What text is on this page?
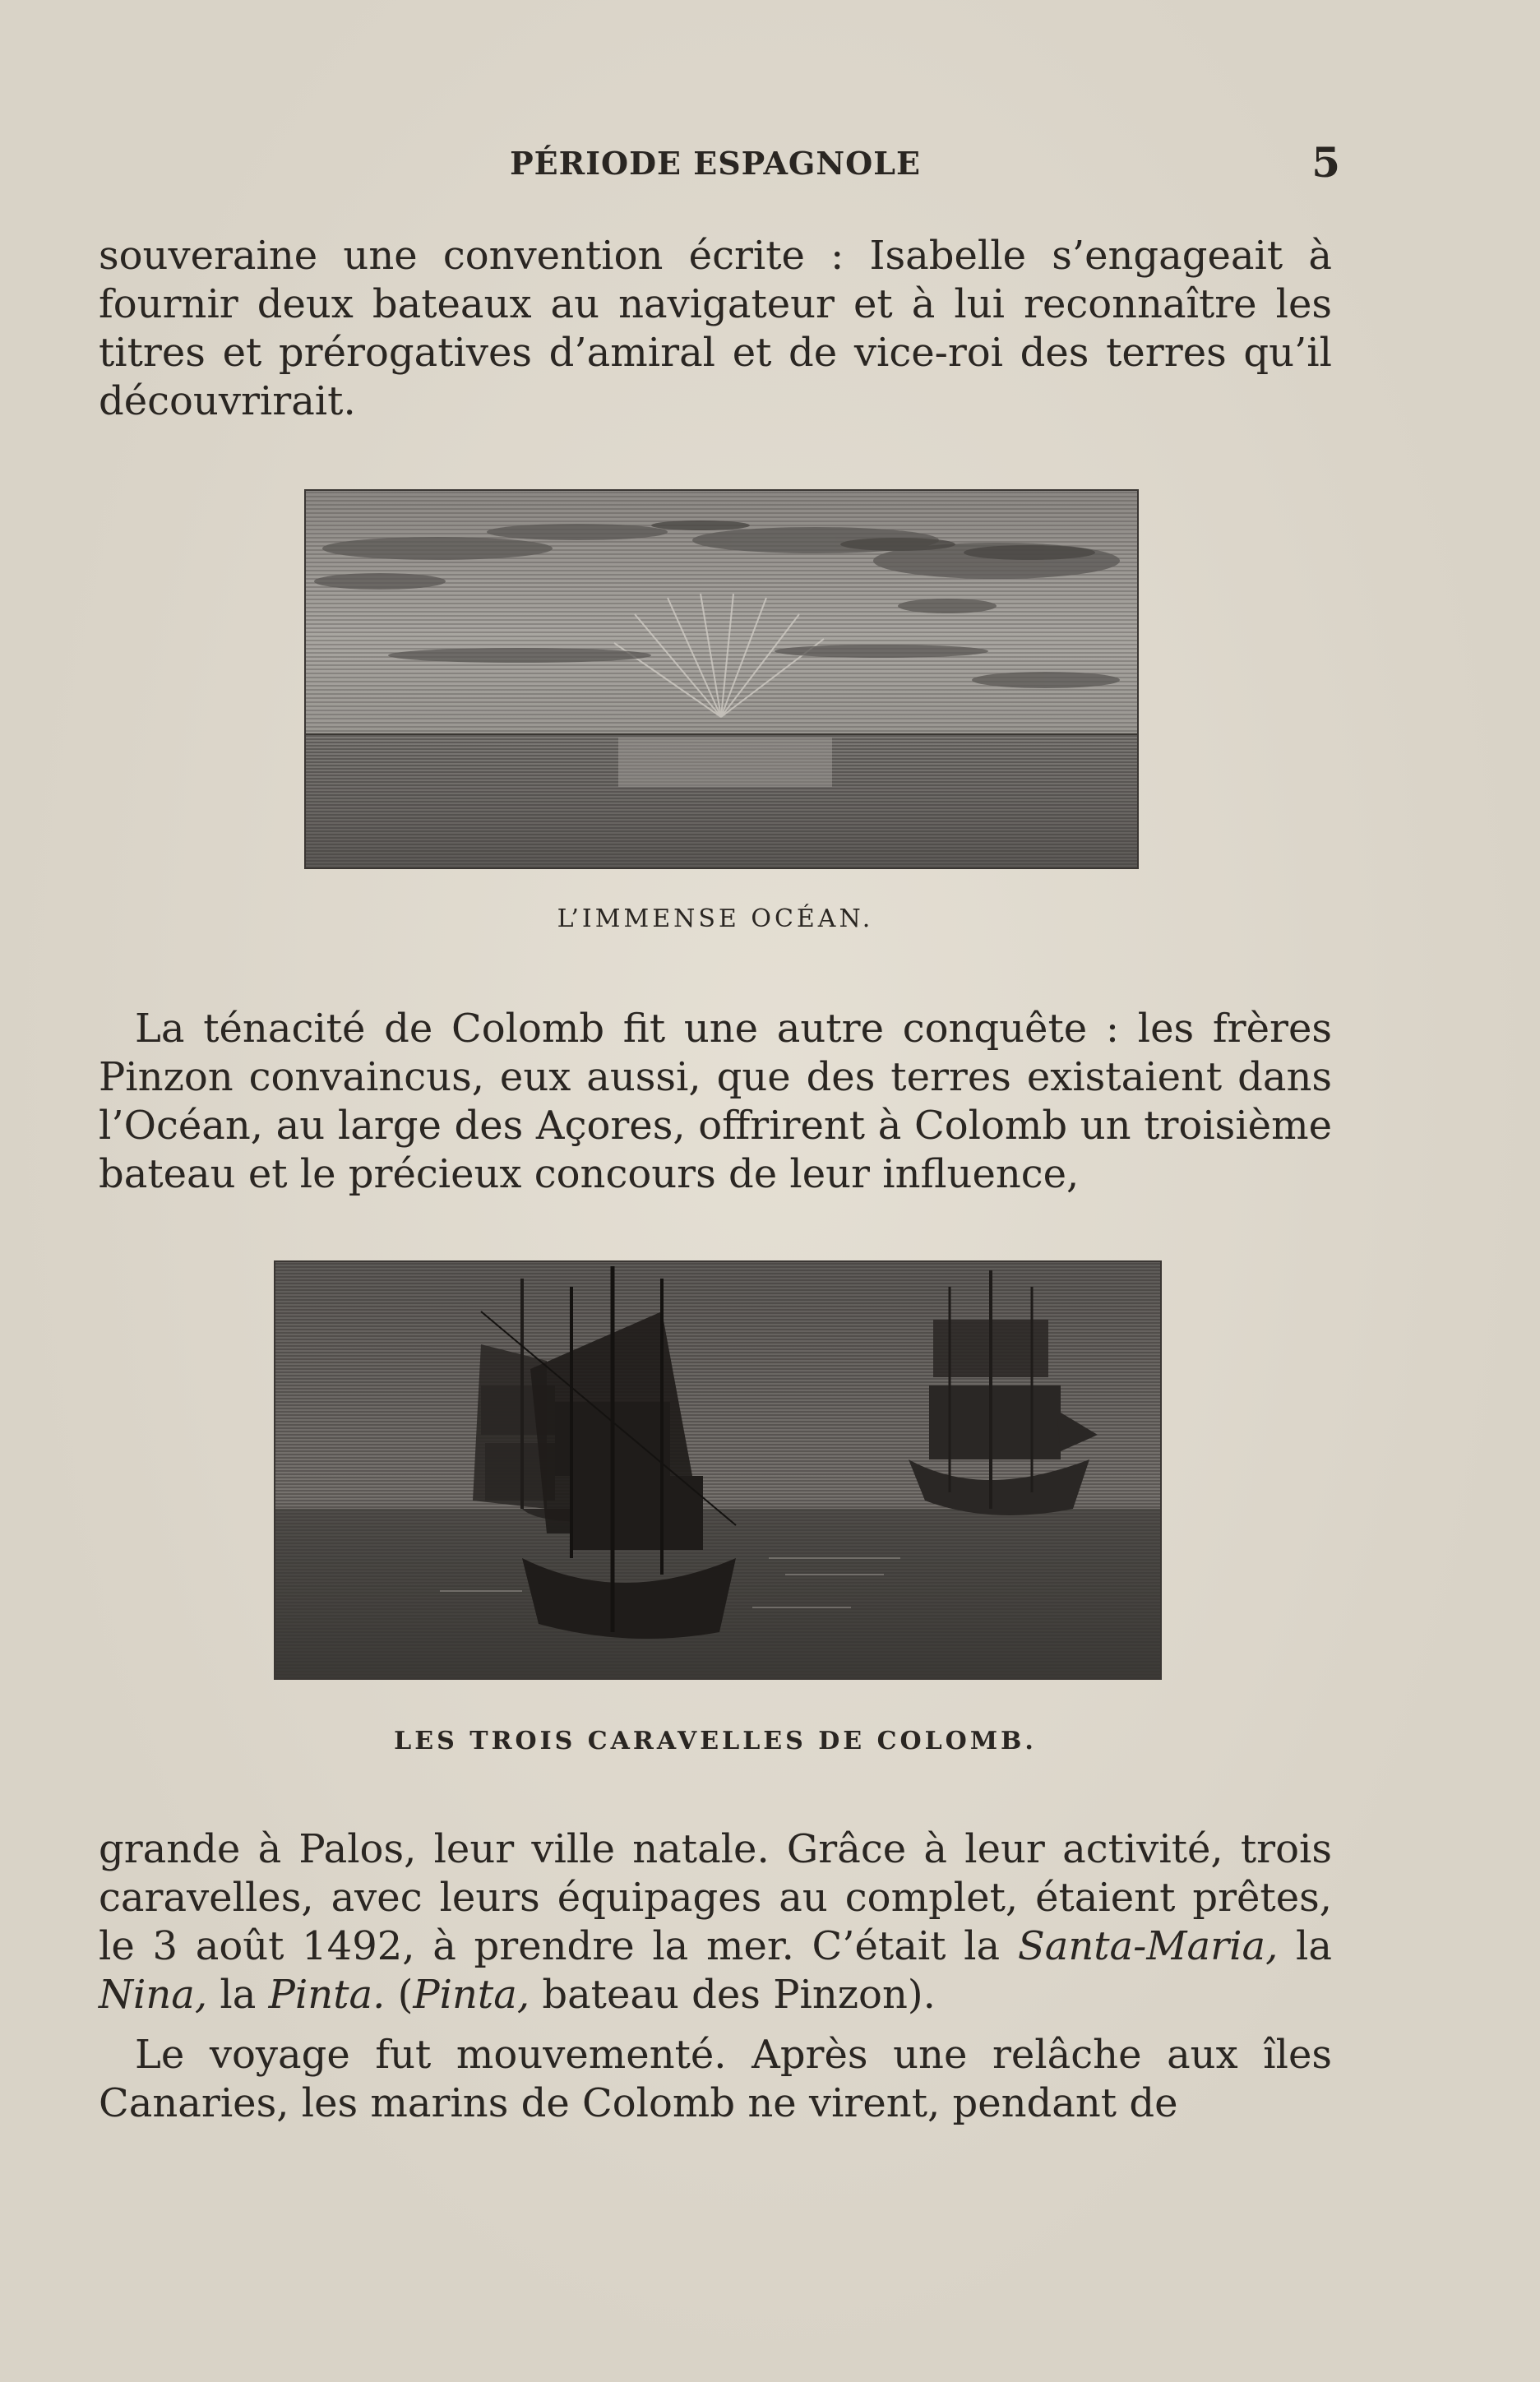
PÉRIODE ESPAGNOLE	5

souveraine une convention écrite : Isabelle s’engageait à fournir deux bateaux au navigateur et à lui reconnaître les titres et prérogatives d’amiral et de vice-roi des terres qu’il découvrirait.

L’IMMENSE OCÉAN.

La ténacité de Colomb fit une autre conquête : les frères Pinzon convaincus, eux aussi, que des terres existaient dans l’Océan, au large des Açores, offrirent à Colomb un troisième bateau et le précieux concours de leur influence,

LES TROIS CARAVELLES DE COLOMB.

grande à Palos, leur ville natale. Grâce à leur activité, trois caravelles, avec leurs équipages au complet, étaient prêtes, le 3 août 1492, à prendre la mer. C’était la Santa-Maria, la Nina, la Pinta. (Pinta, bateau des Pinzon).

Le voyage fut mouvementé. Après une relâche aux îles Canaries, les marins de Colomb ne virent, pendant de
